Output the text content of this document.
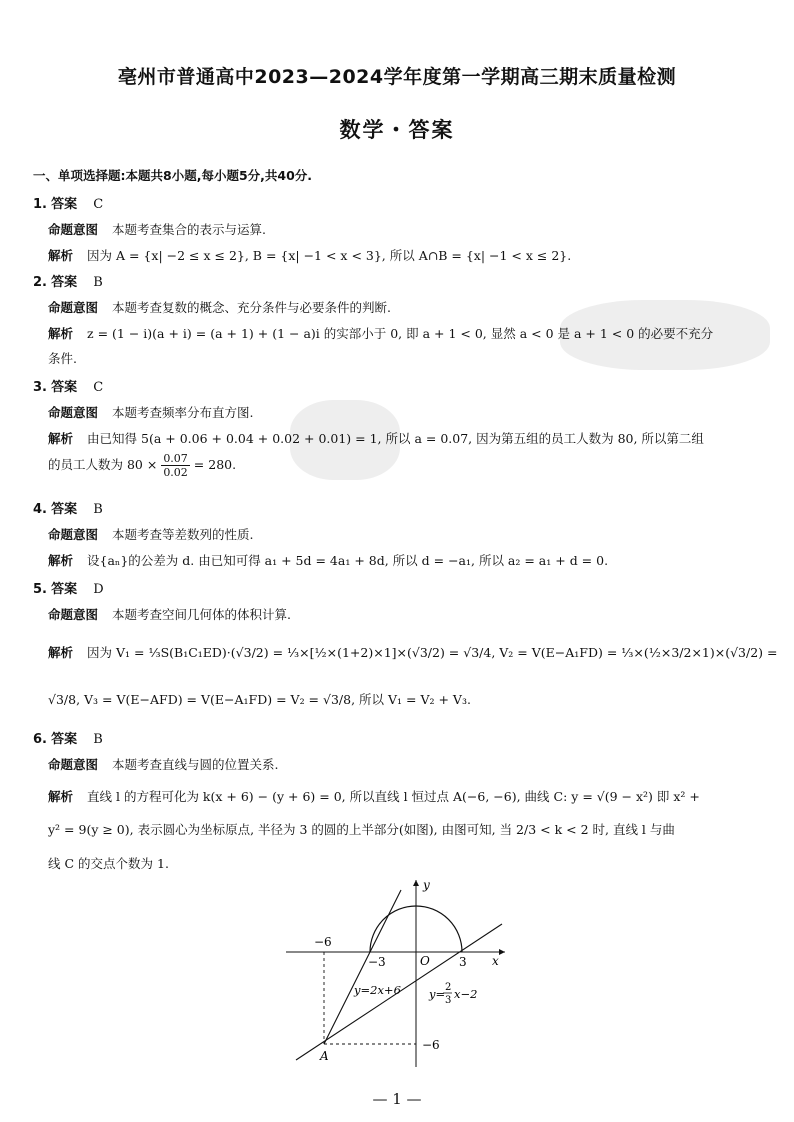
亳州市普通高中2023—2024学年度第一学期高三期末质量检测
数学・答案
一、单项选择题:本题共8小题,每小题5分,共40分.
1. 答案 C
命题意图 本题考查集合的表示与运算.
解析 因为 A = {x| −2 ≤ x ≤ 2}, B = {x| −1 < x < 3}, 所以 A∩B = {x| −1 < x ≤ 2}.
2. 答案 B
命题意图 本题考查复数的概念、充分条件与必要条件的判断.
解析 z = (1 − i)(a + i) = (a + 1) + (1 − a)i 的实部小于 0, 即 a + 1 < 0, 显然 a < 0 是 a + 1 < 0 的必要不充分
条件.
3. 答案 C
命题意图 本题考查频率分布直方图.
解析 由已知得 5(a + 0.06 + 0.04 + 0.02 + 0.01) = 1, 所以 a = 0.07, 因为第五组的员工人数为 80, 所以第二组
的员工人数为 $80 \times \frac{0.07}{0.02} = 280$.
4. 答案 B
命题意图 本题考查等差数列的性质.
解析 设{aₙ}的公差为 d. 由已知可得 a₁ + 5d = 4a₁ + 8d, 所以 d = −a₁, 所以 a₂ = a₁ + d = 0.
5. 答案 D
命题意图 本题考查空间几何体的体积计算.
解析 因为 V₁ = ⅓S(B₁C₁ED)·(√3/2) = ⅓×[½×(1+2)×1]×(√3/2) = √3/4, V₂ = V(E−A₁FD) = ⅓×(½×3/2×1)×(√3/2) =
√3/8, V₃ = V(E−AFD) = V(E−A₁FD) = V₂ = √3/8, 所以 V₁ = V₂ + V₃.
6. 答案 B
命题意图 本题考查直线与圆的位置关系.
解析 直线 l 的方程可化为 k(x + 6) − (y + 6) = 0, 所以直线 l 恒过点 A(−6, −6), 曲线 C: y = √(9 − x²) 即 x² +
y² = 9(y ≥ 0), 表示圆心为坐标原点, 半径为 3 的圆的上半部分(如图), 由图可知, 当 2/3 < k < 2 时, 直线 l 与曲
线 C 的交点个数为 1.
y
x
O
−6
−3	3
−6
A
y=2x+6 y= 2
3 x−2
— 1 —
